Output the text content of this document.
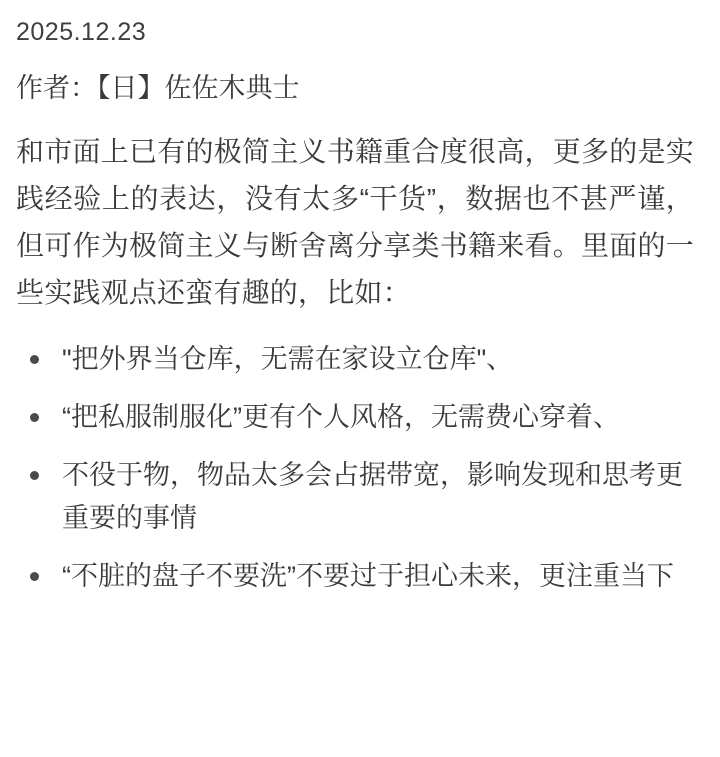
2025.12.23
作者：【日】佐佐木典士

和市面上已有的极简主义书籍重合度很高，更多的是实践经验上的表达，没有太多“干货”，数据也不甚严谨，但可作为极简主义与断舍离分享类书籍来看。里面的一些实践观点还蛮有趣的，比如：

"把外界当仓库，无需在家设立仓库"、
“把私服制服化”更有个人风格，无需费心穿着、
不役于物，物品太多会占据带宽，影响发现和思考更重要的事情
“不脏的盘子不要洗”不要过于担心未来，更注重当下
